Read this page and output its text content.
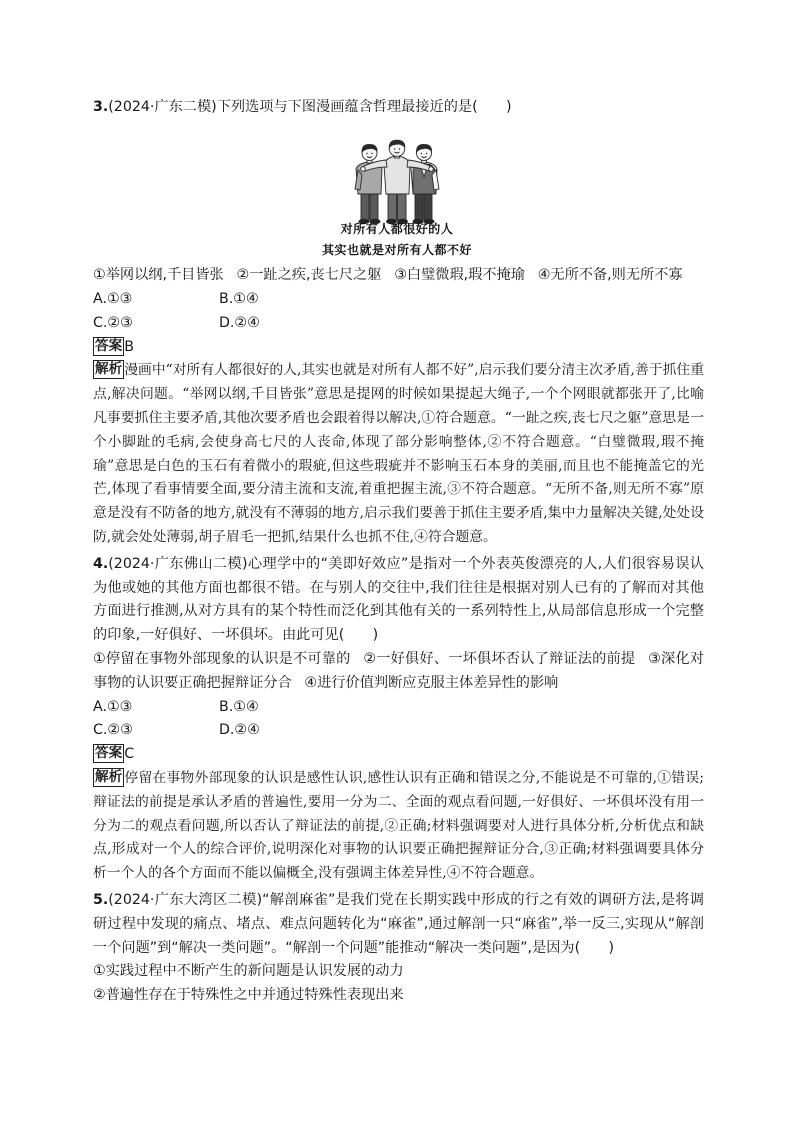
3.(2024·广东二模)下列选项与下图漫画蕴含哲理最接近的是(　　)

对所有人都很好的人
其实也就是对所有人都不好

①举网以纲,千目皆张 ②一趾之疾,丧七尺之躯 ③白璧微瑕,瑕不掩瑜 ④无所不备,则无所不寡

A.①③	B.①④
C.②③	D.②④
答案 B

解析 漫画中“对所有人都很好的人,其实也就是对所有人都不好”,启示我们要分清主次矛盾,善于抓住重点,解决问题。“举网以纲,千目皆张”意思是提网的时候如果提起大绳子,一个个网眼就都张开了,比喻凡事要抓住主要矛盾,其他次要矛盾也会跟着得以解决,①符合题意。“一趾之疾,丧七尺之躯”意思是一个小脚趾的毛病,会使身高七尺的人丧命,体现了部分影响整体,②不符合题意。“白璧微瑕,瑕不掩瑜”意思是白色的玉石有着微小的瑕疵,但这些瑕疵并不影响玉石本身的美丽,而且也不能掩盖它的光芒,体现了看事情要全面,要分清主流和支流,着重把握主流,③不符合题意。“无所不备,则无所不寡”原意是没有不防备的地方,就没有不薄弱的地方,启示我们要善于抓住主要矛盾,集中力量解决关键,处处设防,就会处处薄弱,胡子眉毛一把抓,结果什么也抓不住,④符合题意。

4.(2024·广东佛山二模)心理学中的“美即好效应”是指对一个外表英俊漂亮的人,人们很容易误认为他或她的其他方面也都很不错。在与别人的交往中,我们往往是根据对别人已有的了解而对其他方面进行推测,从对方具有的某个特性而泛化到其他有关的一系列特性上,从局部信息形成一个完整的印象,一好俱好、一坏俱坏。由此可见(　　)

①停留在事物外部现象的认识是不可靠的 ②一好俱好、一坏俱坏否认了辩证法的前提 ③深化对事物的认识要正确把握辩证分合 ④进行价值判断应克服主体差异性的影响

A.①③	B.①④
C.②③	D.②④
答案 C

解析 停留在事物外部现象的认识是感性认识,感性认识有正确和错误之分,不能说是不可靠的,①错误;辩证法的前提是承认矛盾的普遍性,要用一分为二、全面的观点看问题,一好俱好、一坏俱坏没有用一分为二的观点看问题,所以否认了辩证法的前提,②正确;材料强调要对人进行具体分析,分析优点和缺点,形成对一个人的综合评价,说明深化对事物的认识要正确把握辩证分合,③正确;材料强调要具体分析一个人的各个方面而不能以偏概全,没有强调主体差异性,④不符合题意。

5.(2024·广东大湾区二模)“解剖麻雀”是我们党在长期实践中形成的行之有效的调研方法,是将调研过程中发现的痛点、堵点、难点问题转化为“麻雀”,通过解剖一只“麻雀”,举一反三,实现从“解剖一个问题”到“解决一类问题”。“解剖一个问题”能推动“解决一类问题”,是因为(　　)

①实践过程中不断产生的新问题是认识发展的动力
②普遍性存在于特殊性之中并通过特殊性表现出来
